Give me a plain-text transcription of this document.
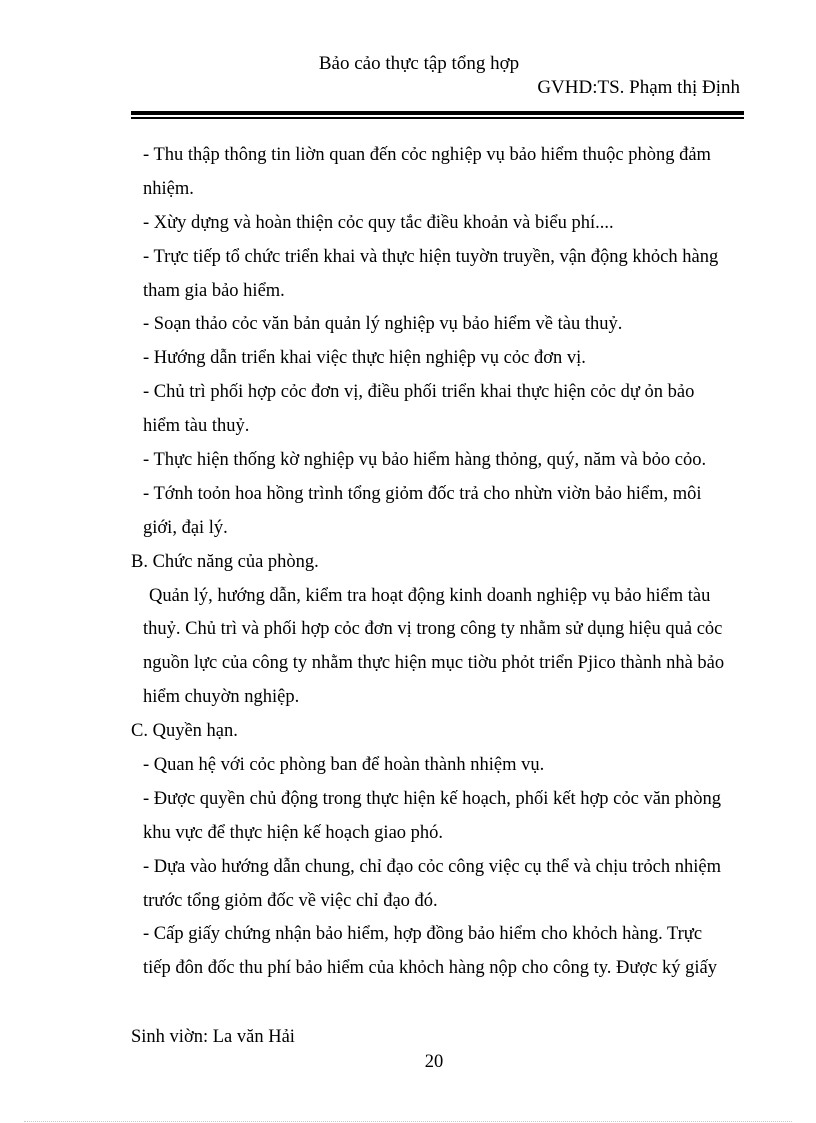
Bảo cảo thực tập tổng hợp
GVHD:TS. Phạm thị Định
- Thu thập thông tin liờn quan đến cỏc nghiệp vụ bảo hiểm thuộc phòng đảm
nhiệm.
- Xừy dựng và hoàn thiện cỏc quy tắc điều khoản và biểu phí....
- Trực tiếp tổ chức triển khai và thực hiện tuyờn truyền, vận động khỏch hàng
tham gia bảo hiểm.
- Soạn thảo cỏc văn bản quản lý nghiệp vụ bảo hiểm về tàu thuỷ.
- Hướng dẫn triển khai việc thực hiện nghiệp vụ cỏc đơn vị.
- Chủ trì phối hợp cỏc đơn vị, điều phối triển khai thực hiện cỏc dự ỏn bảo
hiểm tàu thuỷ.
- Thực hiện thống kờ nghiệp vụ bảo hiểm hàng thỏng, quý, năm và bỏo cỏo.
- Tớnh toỏn hoa hồng trình tổng giỏm đốc trả cho nhừn viờn bảo hiểm, môi
giới, đại lý.
B. Chức năng của phòng.
Quản lý, hướng dẫn, kiểm tra hoạt động kinh doanh nghiệp vụ bảo hiểm tàu
thuỷ. Chủ trì và phối hợp cỏc đơn vị trong công ty nhằm sử dụng hiệu quả cỏc
nguồn lực của công ty nhằm thực hiện mục tiờu phỏt triển Pjico thành nhà bảo
hiểm chuyờn nghiệp.
C. Quyền hạn.
- Quan hệ với cỏc phòng ban để hoàn thành nhiệm vụ.
- Được quyền chủ động trong thực hiện kế hoạch, phối kết hợp cỏc văn phòng
khu vực để thực hiện kế hoạch giao phó.
- Dựa vào hướng dẫn chung, chỉ đạo cỏc công việc cụ thể và chịu trỏch nhiệm
trước tổng giỏm đốc về việc chỉ đạo đó.
- Cấp giấy chứng nhận bảo hiểm, hợp đồng bảo hiểm cho khỏch hàng. Trực
tiếp đôn đốc thu phí bảo hiểm của khỏch hàng nộp cho công ty. Được ký giấy
Sinh viờn: La văn Hải
20
